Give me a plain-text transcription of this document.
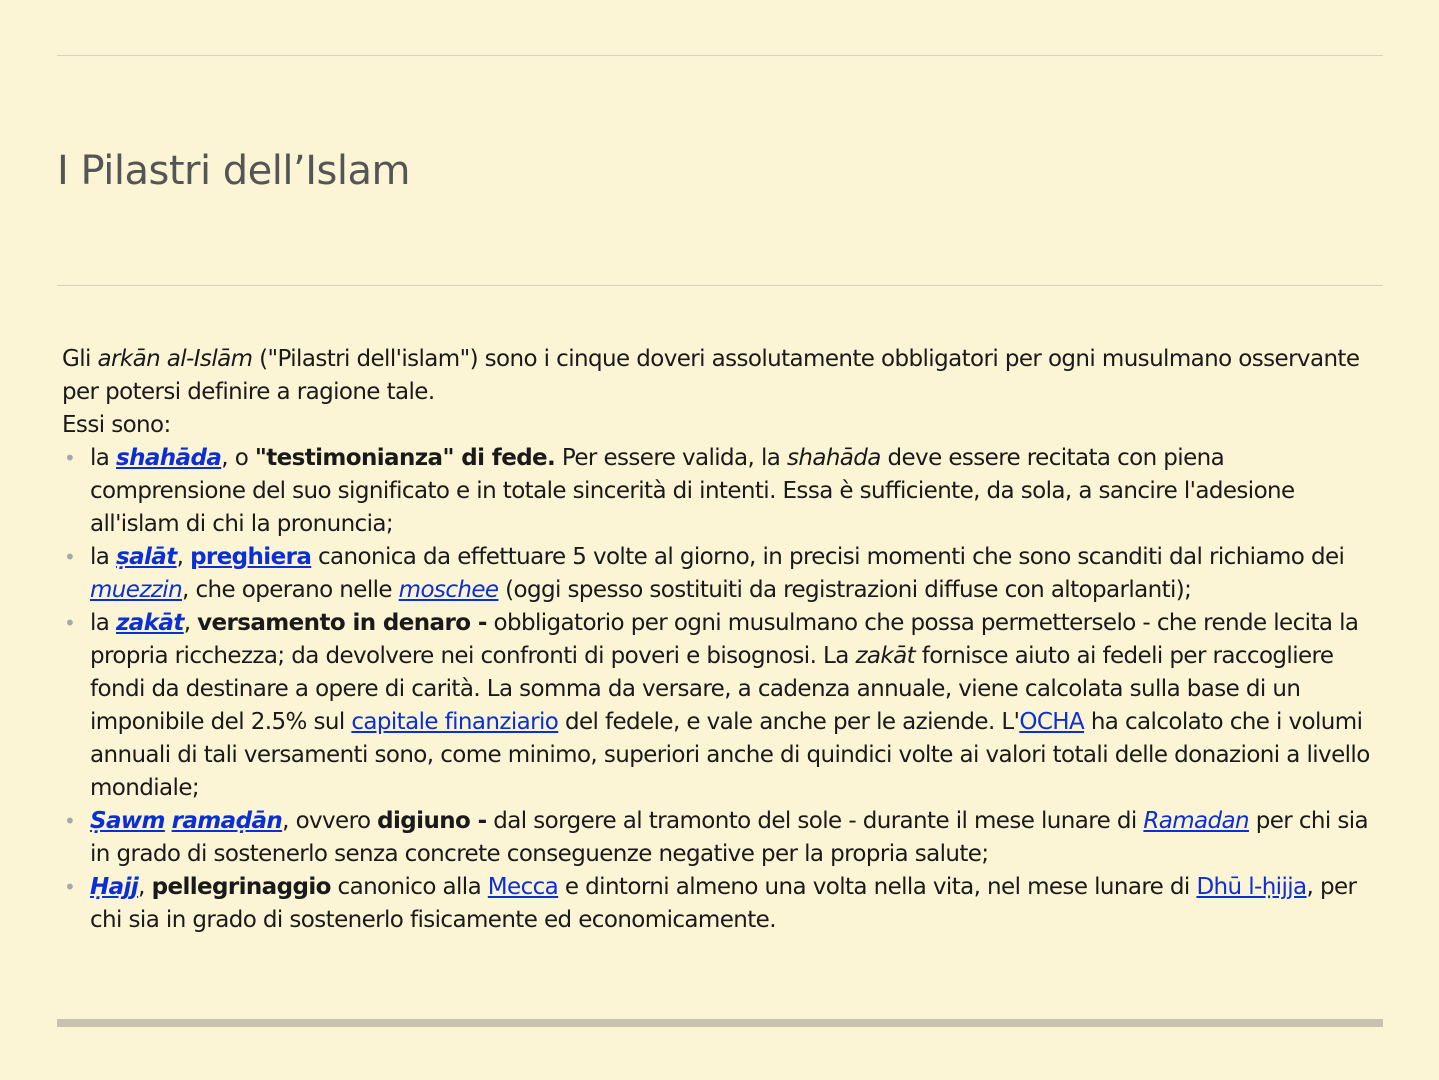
I Pilastri dell’Islam

Gli arkān al-Islām ("Pilastri dell'islam") sono i cinque doveri assolutamente obbligatori per ogni musulmano osservante per potersi definire a ragione tale.

Essi sono:

• la shahāda, o "testimonianza" di fede. Per essere valida, la shahāda deve essere recitata con piena comprensione del suo significato e in totale sincerità di intenti. Essa è sufficiente, da sola, a sancire l'adesione all'islam di chi la pronuncia;
• la ṣalāt, preghiera canonica da effettuare 5 volte al giorno, in precisi momenti che sono scanditi dal richiamo dei muezzin, che operano nelle moschee (oggi spesso sostituiti da registrazioni diffuse con altoparlanti);
• la zakāt, versamento in denaro - obbligatorio per ogni musulmano che possa permetterselo - che rende lecita la propria ricchezza; da devolvere nei confronti di poveri e bisognosi. La zakāt fornisce aiuto ai fedeli per raccogliere fondi da destinare a opere di carità. La somma da versare, a cadenza annuale, viene calcolata sulla base di un imponibile del 2.5% sul capitale finanziario del fedele, e vale anche per le aziende. L'OCHA ha calcolato che i volumi annuali di tali versamenti sono, come minimo, superiori anche di quindici volte ai valori totali delle donazioni a livello mondiale;
• Ṣawm ramaḍān, ovvero digiuno - dal sorgere al tramonto del sole - durante il mese lunare di Ramadan per chi sia in grado di sostenerlo senza concrete conseguenze negative per la propria salute;
• Ḥajj, pellegrinaggio canonico alla Mecca e dintorni almeno una volta nella vita, nel mese lunare di Dhū l-ḥijja, per chi sia in grado di sostenerlo fisicamente ed economicamente.
